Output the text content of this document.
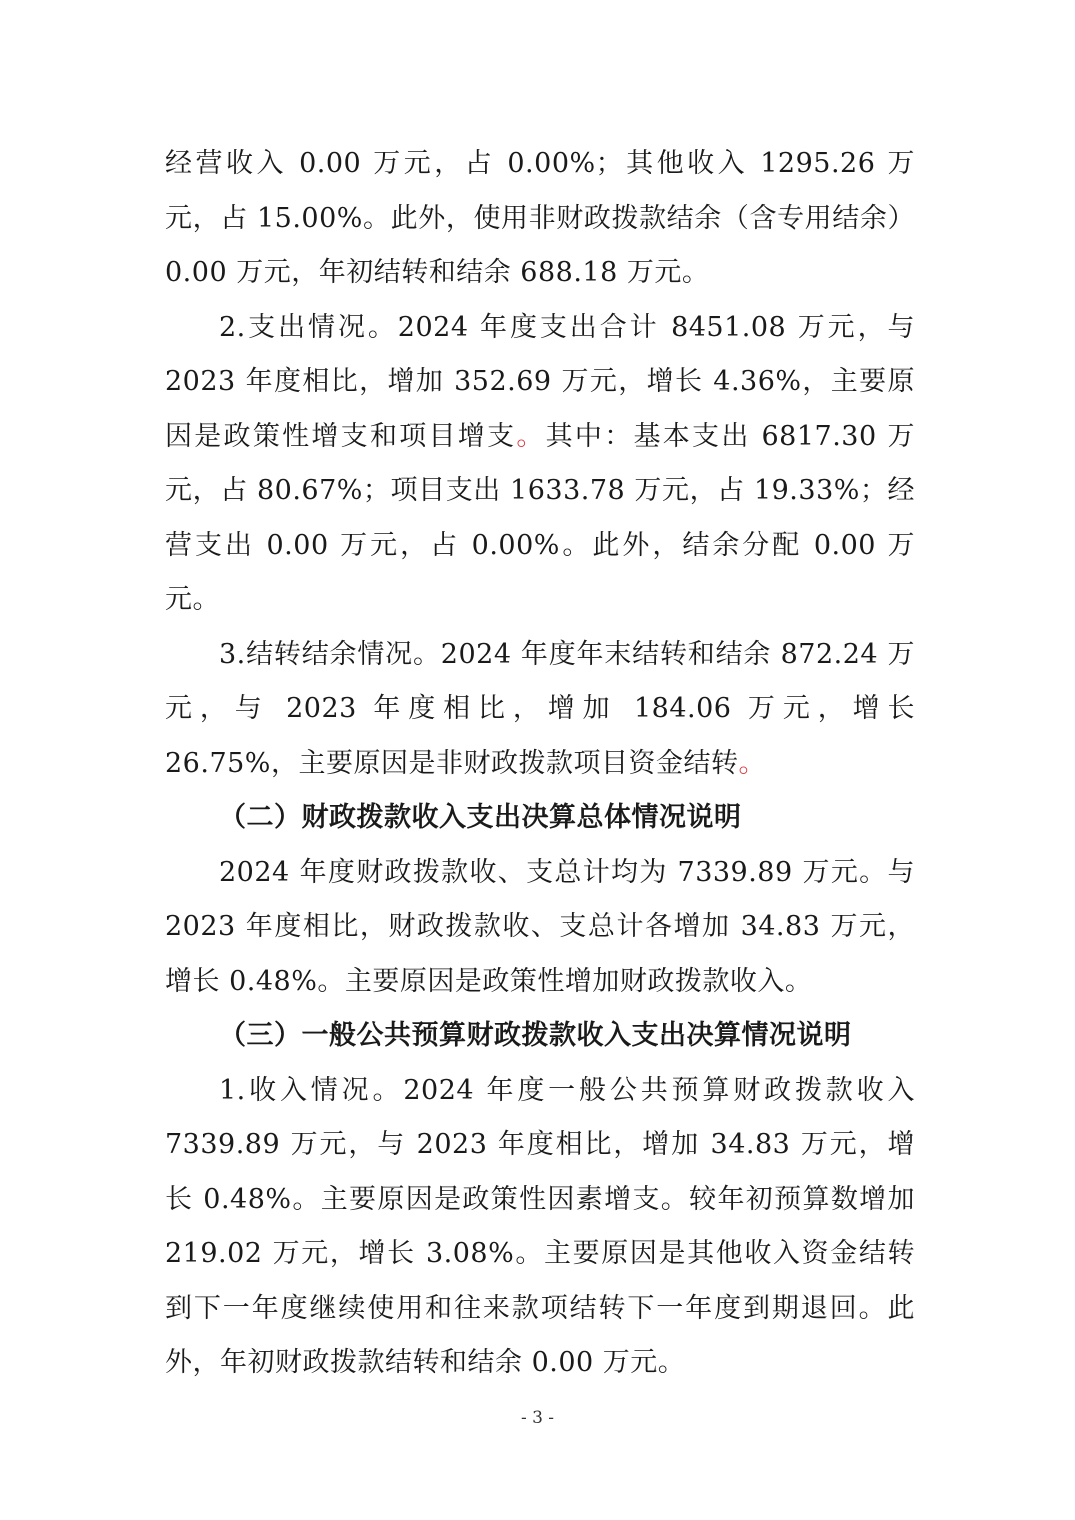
经营收入 0.00 万元，占 0.00%；其他收入 1295.26 万元，占 15.00%。此外，使用非财政拨款结余（含专用结余）0.00 万元，年初结转和结余 688.18 万元。

2.支出情况。2024 年度支出合计 8451.08 万元，与 2023 年度相比，增加 352.69 万元，增长 4.36%，主要原因是政策性增支和项目增支。其中：基本支出 6817.30 万元，占 80.67%；项目支出 1633.78 万元，占 19.33%；经营支出 0.00 万元，占 0.00%。此外，结余分配 0.00 万元。

3.结转结余情况。2024 年度年末结转和结余 872.24 万元，与 2023 年度相比，增加 184.06 万元，增长 26.75%，主要原因是非财政拨款项目资金结转。

（二）财政拨款收入支出决算总体情况说明

2024 年度财政拨款收、支总计均为 7339.89 万元。与 2023 年度相比，财政拨款收、支总计各增加 34.83 万元，增长 0.48%。主要原因是政策性增加财政拨款收入。

（三）一般公共预算财政拨款收入支出决算情况说明

1.收入情况。2024 年度一般公共预算财政拨款收入 7339.89 万元，与 2023 年度相比，增加 34.83 万元，增长 0.48%。主要原因是政策性因素增支。较年初预算数增加 219.02 万元，增长 3.08%。主要原因是其他收入资金结转到下一年度继续使用和往来款项结转下一年度到期退回。此外，年初财政拨款结转和结余 0.00 万元。

- 3 -
